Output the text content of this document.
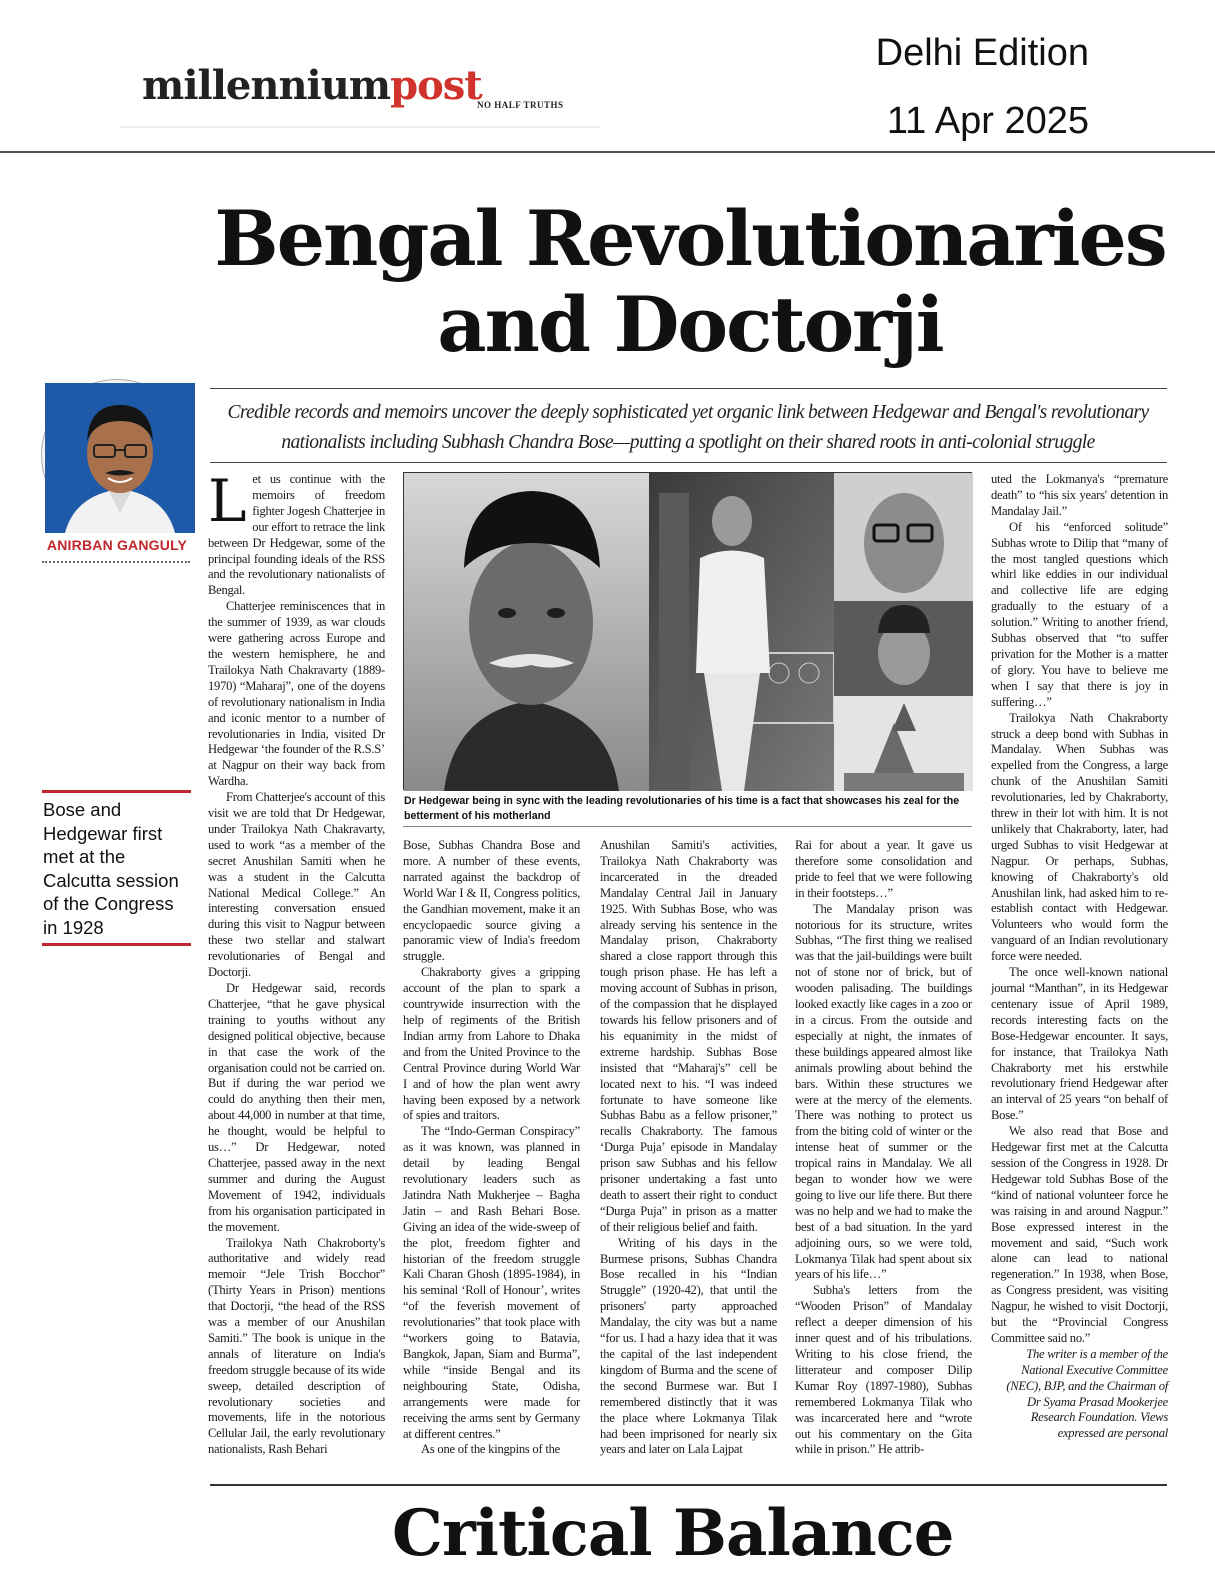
millenniumpost
NO HALF TRUTHS
Delhi Edition
11 Apr 2025
Bengal Revolutionaries
and Doctorji
Credible records and memoirs uncover the deeply sophisticated yet organic link between Hedgewar and Bengal's revolutionary nationalists including Subhash Chandra Bose—putting a spotlight on their shared roots in anti-colonial struggle
ANIRBAN GANGULY
Bose and Hedgewar first met at the Calcutta session of the Congress in 1928

Let us continue with the memoirs of freedom fighter Jogesh Chatterjee in our effort to retrace the link between Dr Hedgewar, some of the principal founding ideals of the RSS and the revolutionary nationalists of Bengal.

Chatterjee reminiscences that in the summer of 1939, as war clouds were gathering across Europe and the western hemisphere, he and Trailokya Nath Chakravarty (1889-1970) “Maharaj”, one of the doyens of revolutionary nationalism in India and iconic mentor to a number of revolutionaries in India, visited Dr Hedgewar ‘the founder of the R.S.S’ at Nagpur on their way back from Wardha.

From Chatterjee's account of this visit we are told that Dr Hedgewar, under Trailokya Nath Chakravarty, used to work “as a member of the secret Anushilan Samiti when he was a student in the Calcutta National Medical College.” An interesting conversation ensued during this visit to Nagpur between these two stellar and stalwart revolutionaries of Bengal and Doctorji.

Dr Hedgewar said, records Chatterjee, “that he gave physical training to youths without any designed political objective, because in that case the work of the organisation could not be carried on. But if during the war period we could do anything then their men, about 44,000 in number at that time, he thought, would be helpful to us…” Dr Hedgewar, noted Chatterjee, passed away in the next summer and during the August Movement of 1942, individuals from his organisation participated in the movement.

Trailokya Nath Chakroborty's authoritative and widely read memoir “Jele Trish Bocchor” (Thirty Years in Prison) mentions that Doctorji, “the head of the RSS was a member of our Anushilan Samiti.” The book is unique in the annals of literature on India's freedom struggle because of its wide sweep, detailed description of revolutionary societies and movements, life in the notorious Cellular Jail, the early revolutionary nationalists, Rash Behari

Dr Hedgewar being in sync with the leading revolutionaries of his time is a fact that showcases his zeal for the betterment of his motherland

Bose, Subhas Chandra Bose and more. A number of these events, narrated against the backdrop of World War I & II, Congress politics, the Gandhian movement, make it an encyclopaedic source giving a panoramic view of India's freedom struggle.

Chakraborty gives a gripping account of the plan to spark a countrywide insurrection with the help of regiments of the British Indian army from Lahore to Dhaka and from the United Province to the Central Province during World War I and of how the plan went awry having been exposed by a network of spies and traitors.

The “Indo-German Conspiracy” as it was known, was planned in detail by leading Bengal revolutionary leaders such as Jatindra Nath Mukherjee – Bagha Jatin – and Rash Behari Bose. Giving an idea of the wide-sweep of the plot, freedom fighter and historian of the freedom struggle Kali Charan Ghosh (1895-1984), in his seminal ‘Roll of Honour’, writes “of the feverish movement of revolutionaries” that took place with “workers going to Batavia, Bangkok, Japan, Siam and Burma”, while “inside Bengal and its neighbouring State, Odisha, arrangements were made for receiving the arms sent by Germany at different centres.”

As one of the kingpins of the

Anushilan Samiti's activities, Trailokya Nath Chakraborty was incarcerated in the dreaded Mandalay Central Jail in January 1925. With Subhas Bose, who was already serving his sentence in the Mandalay prison, Chakraborty shared a close rapport through this tough prison phase. He has left a moving account of Subhas in prison, of the compassion that he displayed towards his fellow prisoners and of his equanimity in the midst of extreme hardship. Subhas Bose insisted that “Maharaj's” cell be located next to his. “I was indeed fortunate to have someone like Subhas Babu as a fellow prisoner,” recalls Chakraborty. The famous ‘Durga Puja’ episode in Mandalay prison saw Subhas and his fellow prisoner undertaking a fast unto death to assert their right to conduct “Durga Puja” in prison as a matter of their religious belief and faith.

Writing of his days in the Burmese prisons, Subhas Chandra Bose recalled in his “Indian Struggle” (1920-42), that until the prisoners' party approached Mandalay, the city was but a name “for us. I had a hazy idea that it was the capital of the last independent kingdom of Burma and the scene of the second Burmese war. But I remembered distinctly that it was the place where Lokmanya Tilak had been imprisoned for nearly six years and later on Lala Lajpat

Rai for about a year. It gave us therefore some consolidation and pride to feel that we were following in their footsteps…”

The Mandalay prison was notorious for its structure, writes Subhas, “The first thing we realised was that the jail-buildings were built not of stone nor of brick, but of wooden palisading. The buildings looked exactly like cages in a zoo or in a circus. From the outside and especially at night, the inmates of these buildings appeared almost like animals prowling about behind the bars. Within these structures we were at the mercy of the elements. There was nothing to protect us from the biting cold of winter or the intense heat of summer or the tropical rains in Mandalay. We all began to wonder how we were going to live our life there. But there was no help and we had to make the best of a bad situation. In the yard adjoining ours, so we were told, Lokmanya Tilak had spent about six years of his life…”

Subha's letters from the “Wooden Prison” of Mandalay reflect a deeper dimension of his inner quest and of his tribulations. Writing to his close friend, the litterateur and composer Dilip Kumar Roy (1897-1980), Subhas remembered Lokmanya Tilak who was incarcerated here and “wrote out his commentary on the Gita while in prison.” He attrib-

uted the Lokmanya's “premature death” to “his six years' detention in Mandalay Jail.”

Of his “enforced solitude” Subhas wrote to Dilip that “many of the most tangled questions which whirl like eddies in our individual and collective life are edging gradually to the estuary of a solution.” Writing to another friend, Subhas observed that “to suffer privation for the Mother is a matter of glory. You have to believe me when I say that there is joy in suffering…”

Trailokya Nath Chakraborty struck a deep bond with Subhas in Mandalay. When Subhas was expelled from the Congress, a large chunk of the Anushilan Samiti revolutionaries, led by Chakraborty, threw in their lot with him. It is not unlikely that Chakraborty, later, had urged Subhas to visit Hedgewar at Nagpur. Or perhaps, Subhas, knowing of Chakraborty's old Anushilan link, had asked him to re-establish contact with Hedgewar. Volunteers who would form the vanguard of an Indian revolutionary force were needed.

The once well-known national journal “Manthan”, in its Hedgewar centenary issue of April 1989, records interesting facts on the Bose-Hedgewar encounter. It says, for instance, that Trailokya Nath Chakraborty met his erstwhile revolutionary friend Hedgewar after an interval of 25 years “on behalf of Bose.”

We also read that Bose and Hedgewar first met at the Calcutta session of the Congress in 1928. Dr Hedgewar told Subhas Bose of the “kind of national volunteer force he was raising in and around Nagpur.” Bose expressed interest in the movement and said, “Such work alone can lead to national regeneration.” In 1938, when Bose, as Congress president, was visiting Nagpur, he wished to visit Doctorji, but the “Provincial Congress Committee said no.”

The writer is a member of the National Executive Committee (NEC), BJP, and the Chairman of Dr Syama Prasad Mookerjee Research Foundation. Views expressed are personal

Critical Balance
